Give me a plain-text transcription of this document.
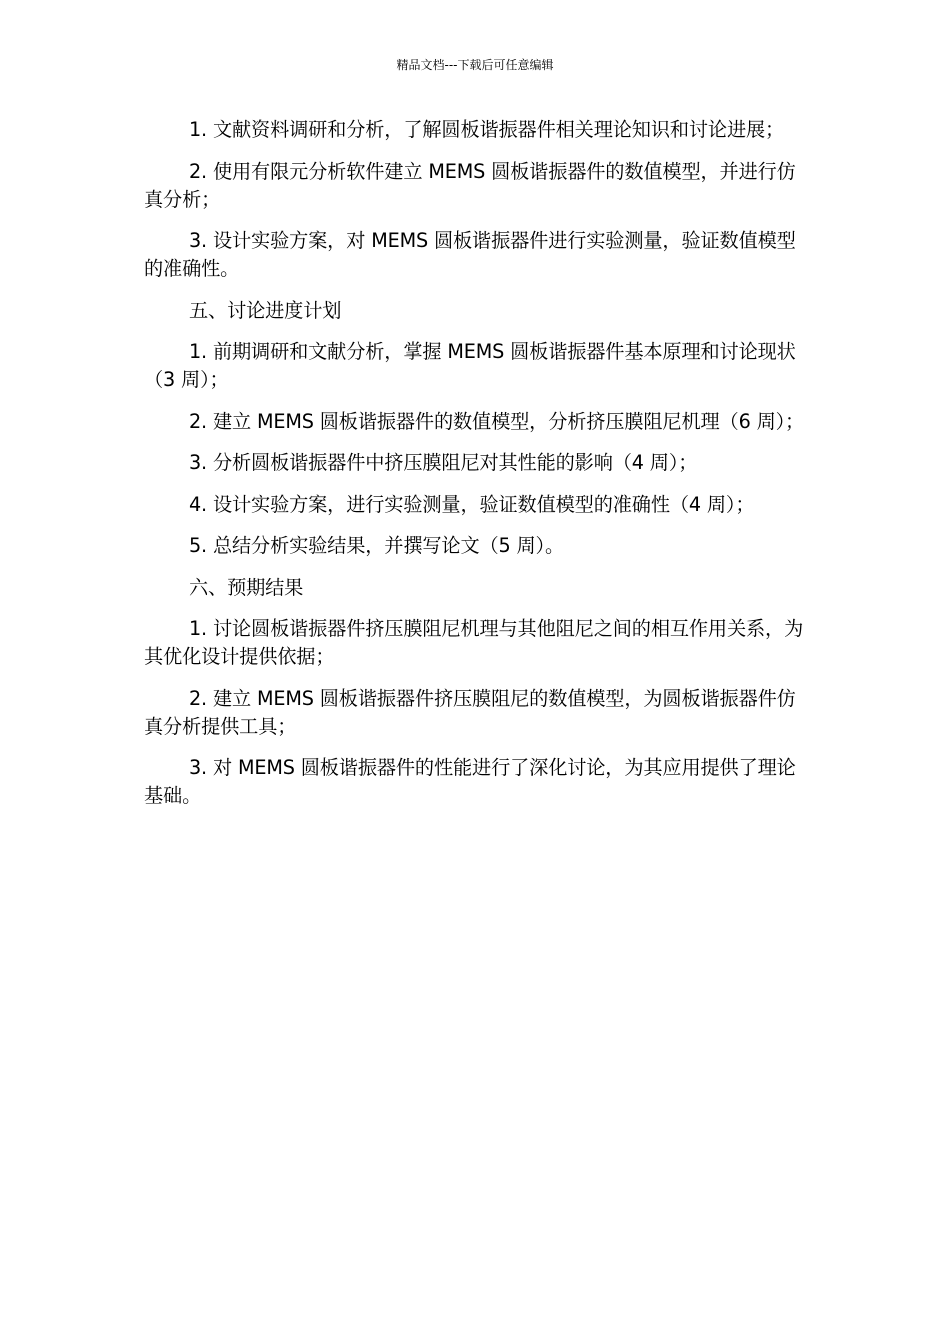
精品文档---下载后可任意编辑

1. 文献资料调研和分析，了解圆板谐振器件相关理论知识和讨论进展；

2. 使用有限元分析软件建立 MEMS 圆板谐振器件的数值模型，并进行仿真分析；

3. 设计实验方案，对 MEMS 圆板谐振器件进行实验测量，验证数值模型的准确性。

五、讨论进度计划

1. 前期调研和文献分析，掌握 MEMS 圆板谐振器件基本原理和讨论现状（3 周）；

2. 建立 MEMS 圆板谐振器件的数值模型，分析挤压膜阻尼机理（6 周）；

3. 分析圆板谐振器件中挤压膜阻尼对其性能的影响（4 周）；

4. 设计实验方案，进行实验测量，验证数值模型的准确性（4 周）；

5. 总结分析实验结果，并撰写论文（5 周）。

六、预期结果

1. 讨论圆板谐振器件挤压膜阻尼机理与其他阻尼之间的相互作用关系，为其优化设计提供依据；

2. 建立 MEMS 圆板谐振器件挤压膜阻尼的数值模型，为圆板谐振器件仿真分析提供工具；

3. 对 MEMS 圆板谐振器件的性能进行了深化讨论，为其应用提供了理论基础。
